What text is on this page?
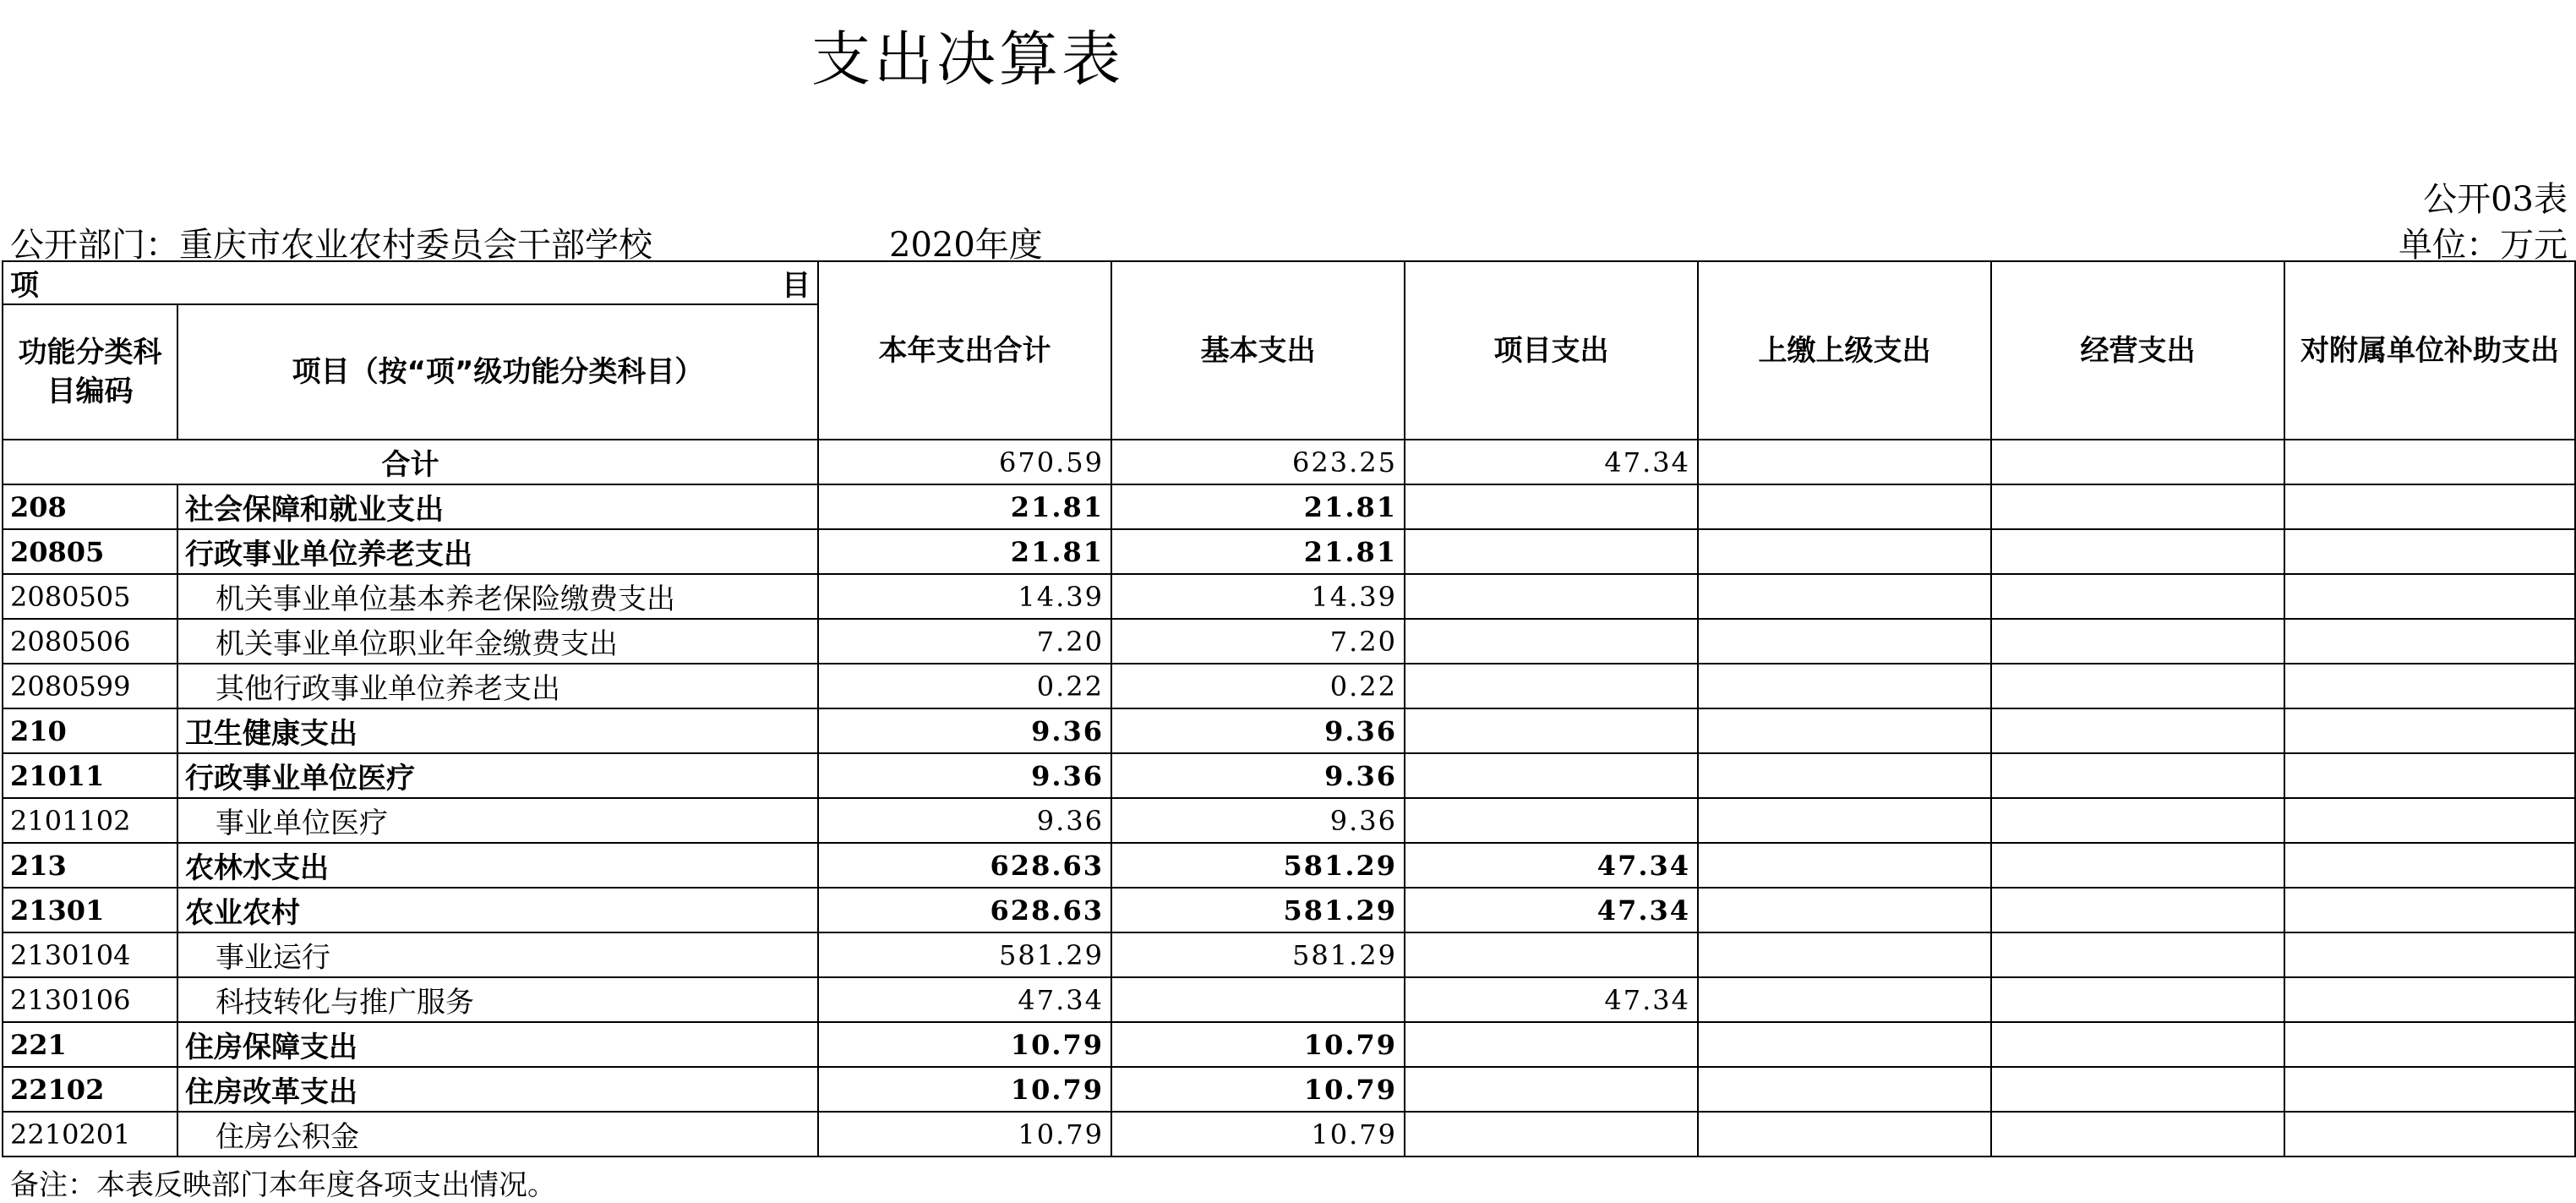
支出决算表
公开03表
公开部门：重庆市农业农村委员会干部学校	2020年度	单位：万元
项 目		本年支出合计	基本支出	项目支出	上缴上级支出	经营支出	对附属单位补助支出
功能分类科目编码	项目（按“项”级功能分类科目）						
合计		670.59	623.25	47.34			
208	社会保障和就业支出	21.81	21.81				
20805	行政事业单位养老支出	21.81	21.81				
2080505	机关事业单位基本养老保险缴费支出	14.39	14.39				
2080506	机关事业单位职业年金缴费支出	7.20	7.20				
2080599	其他行政事业单位养老支出	0.22	0.22				
210	卫生健康支出	9.36	9.36				
21011	行政事业单位医疗	9.36	9.36				
2101102	事业单位医疗	9.36	9.36				
213	农林水支出	628.63	581.29	47.34			
21301	农业农村	628.63	581.29	47.34			
2130104	事业运行	581.29	581.29				
2130106	科技转化与推广服务	47.34		47.34			
221	住房保障支出	10.79	10.79				
22102	住房改革支出	10.79	10.79				
2210201	住房公积金	10.79	10.79				
备注：本表反映部门本年度各项支出情况。
